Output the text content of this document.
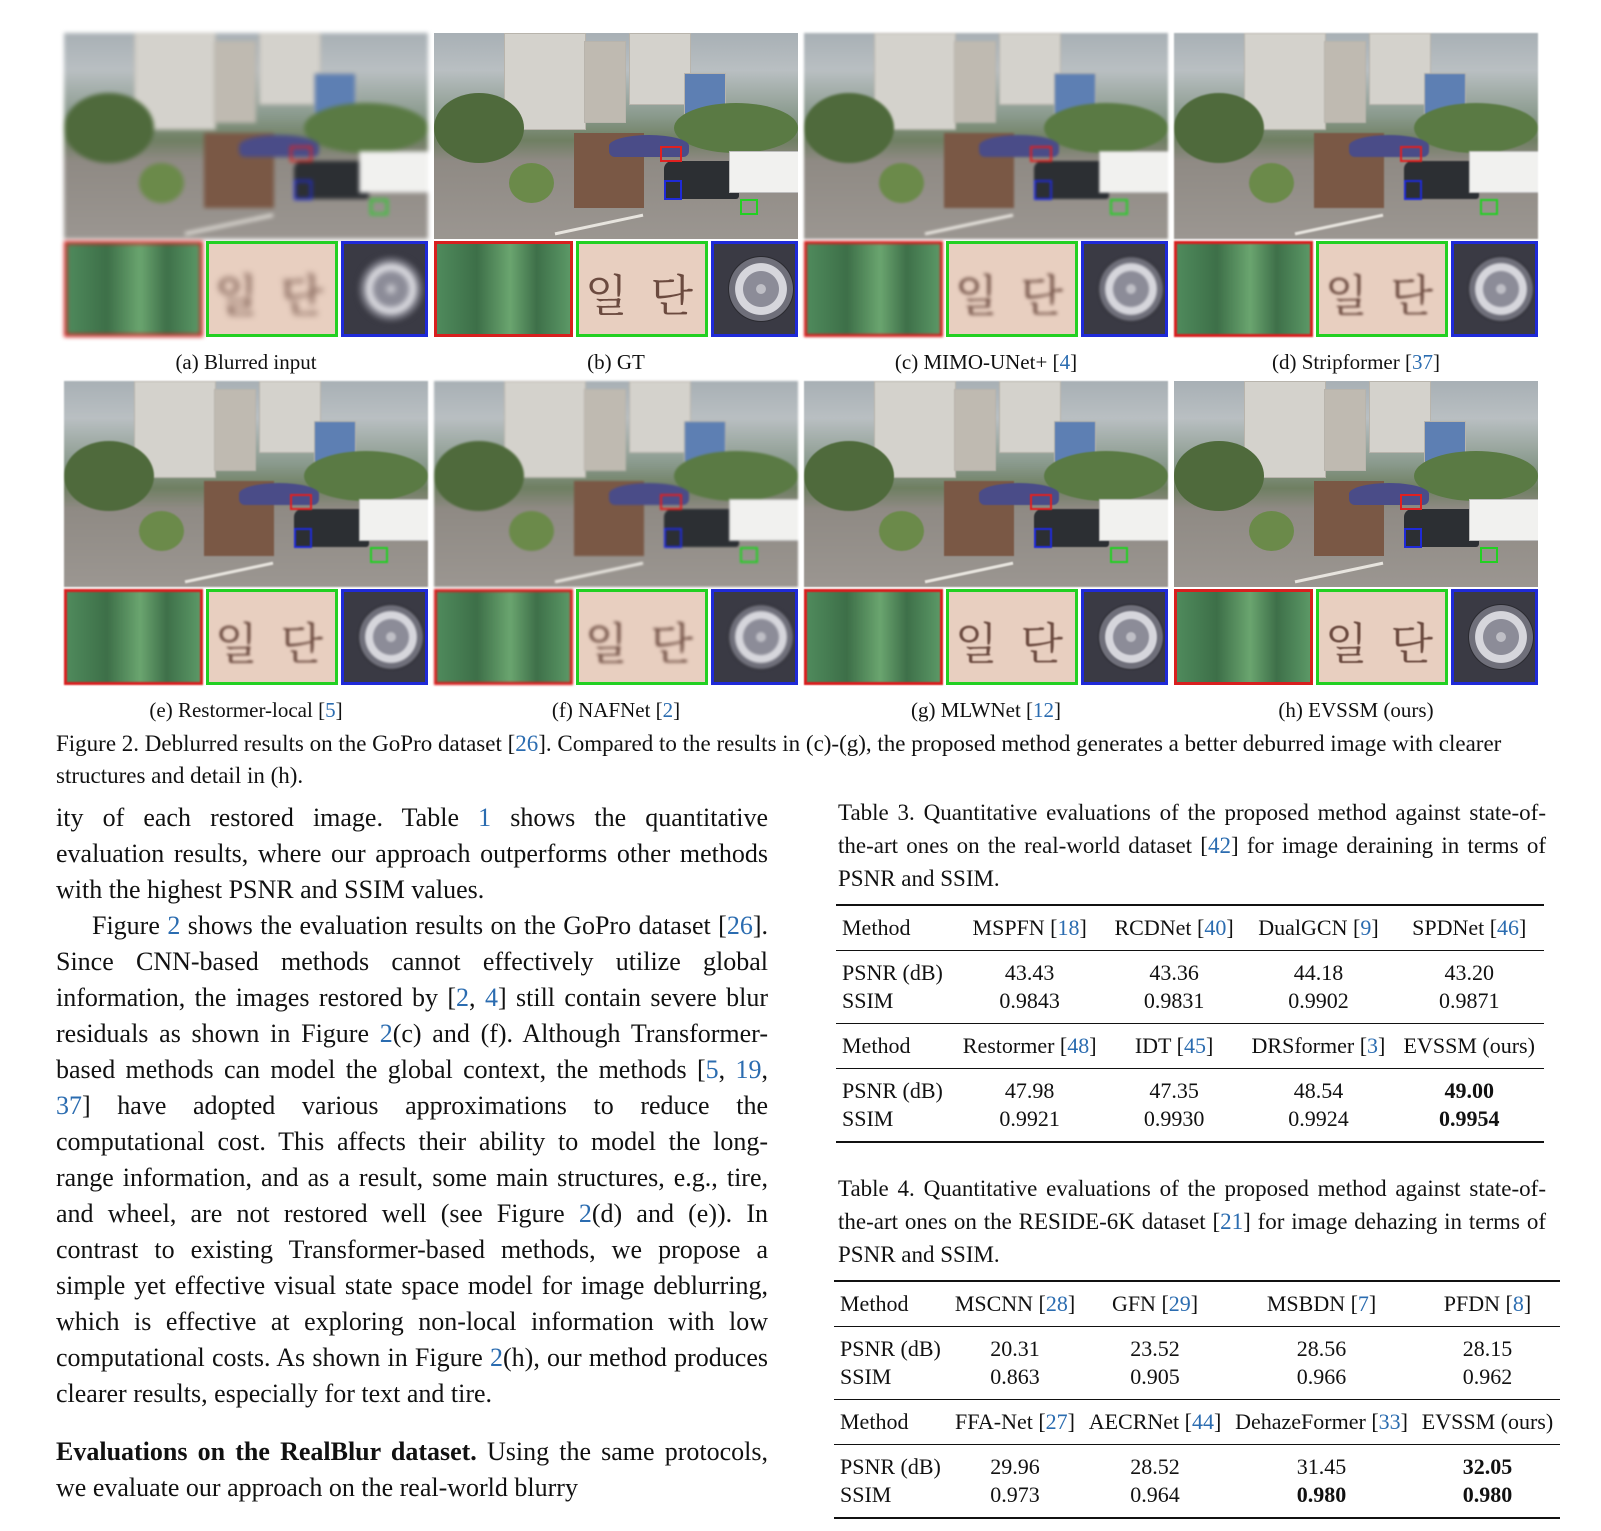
일 단
(a) Blurred input
일 단
(b) GT
일 단
(c) MIMO-UNet+ [4]
일 단
(d) Stripformer [37]
일 단
(e) Restormer-local [5]
일 단
(f) NAFNet [2]
일 단
(g) MLWNet [12]
일 단
(h) EVSSM (ours)
Figure 2. Deblurred results on the GoPro dataset [26]. Compared to the results in (c)-(g), the proposed method generates a better deburred image with clearer structures and detail in (h).

ity of each restored image. Table 1 shows the quantitative evaluation results, where our approach outperforms other methods with the highest PSNR and SSIM values.

Figure 2 shows the evaluation results on the GoPro dataset [26]. Since CNN-based methods cannot effectively utilize global information, the images restored by [2, 4] still contain severe blur residuals as shown in Figure 2(c) and (f). Although Transformer-based methods can model the global context, the methods [5, 19, 37] have adopted various approximations to reduce the computational cost. This affects their ability to model the long-range information, and as a result, some main structures, e.g., tire, and wheel, are not restored well (see Figure 2(d) and (e)). In contrast to existing Transformer-based methods, we propose a simple yet effective visual state space model for image deblurring, which is effective at exploring non-local information with low computational costs. As shown in Figure 2(h), our method produces clearer results, especially for text and tire.

Evaluations on the RealBlur dataset. Using the same protocols, we evaluate our approach on the real-world blurry

Table 3. Quantitative evaluations of the proposed method against state-of-the-art ones on the real-world dataset [42] for image deraining in terms of PSNR and SSIM.
Method	MSPFN [18]	RCDNet [40]	DualGCN [9]	SPDNet [46]
PSNR (dB)	43.43	43.36	44.18	43.20
SSIM	0.9843	0.9831	0.9902	0.9871
Method	Restormer [48]	IDT [45]	DRSformer [3]	EVSSM (ours)
PSNR (dB)	47.98	47.35	48.54	49.00
SSIM	0.9921	0.9930	0.9924	0.9954
Table 4. Quantitative evaluations of the proposed method against state-of-the-art ones on the RESIDE-6K dataset [21] for image dehazing in terms of PSNR and SSIM.
Method	MSCNN [28]	GFN [29]	MSBDN [7]	PFDN [8]
PSNR (dB)	20.31	23.52	28.56	28.15
SSIM	0.863	0.905	0.966	0.962
Method	FFA-Net [27]	AECRNet [44]	DehazeFormer [33]	EVSSM (ours)
PSNR (dB)	29.96	28.52	31.45	32.05
SSIM	0.973	0.964	0.980	0.980
